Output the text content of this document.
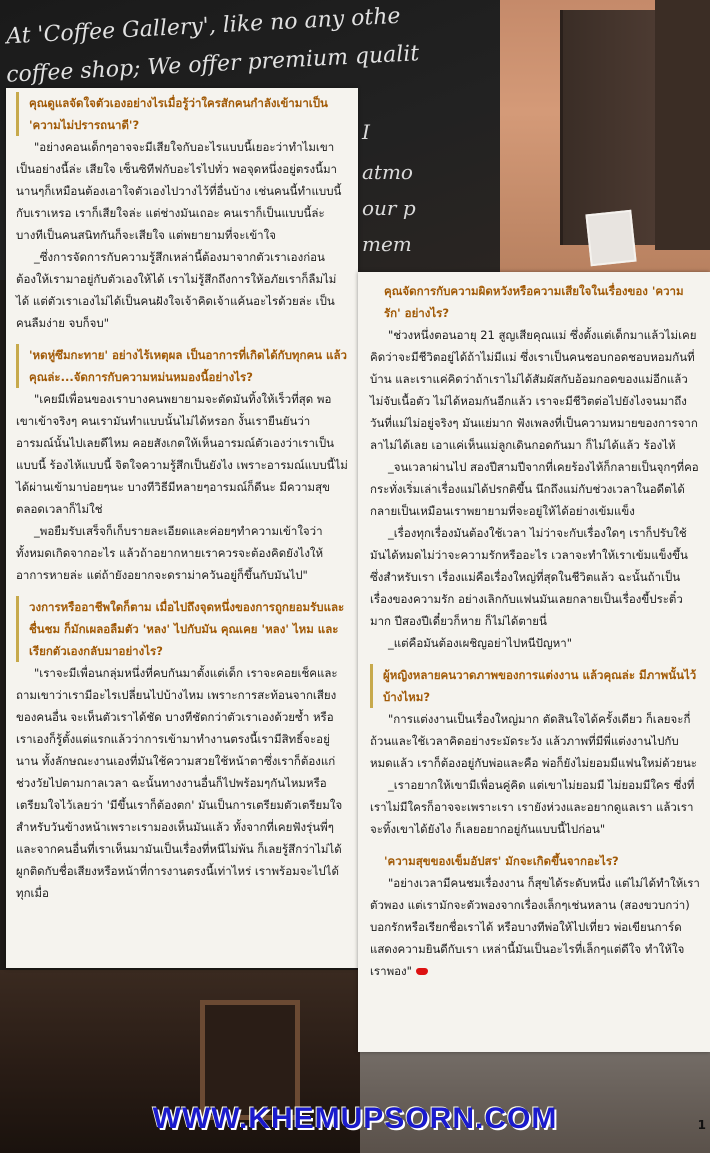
At 'Coffee Gallery', like no any othe
coffee shop; We offer premium qualit
I
atmo
our p
mem

คุณดูแลจัดใจตัวเองอย่างไรเมื่อรู้ว่าใครสักคนกำลังเข้ามาเป็น 'ความไม่ปรารถนาดี'?

"อย่างคอนเด็กๆอาจจะมีเสียใจกับอะไรแบบนี้เยอะว่าทำไมเขาเป็นอย่างนี้ล่ะ เสียใจ เซ็นซิทีฟกับอะไรไปทั่ว พอจุดหนึ่งอยู่ตรงนี้มานานๆก็เหมือนต้องเอาใจตัวเองไปวางไว้ที่อื่นบ้าง เช่นคนนี้ทำแบบนี้กับเราเหรอ เราก็เสียใจล่ะ แต่ช่างมันเถอะ คนเราก็เป็นแบบนี้ล่ะ บางทีเป็นคนสนิทกันก็จะเสียใจ แต่พยายามที่จะเข้าใจ

_ซึ่งการจัดการกับความรู้สึกเหล่านี้ต้องมาจากตัวเราเองก่อน ต้องให้เรามาอยู่กับตัวเองให้ได้ เราไม่รู้สึกถึงการให้อภัยเราก็ลืมไม่ได้ แต่ตัวเราเองไม่ได้เป็นคนฝังใจเจ้าคิดเจ้าแค้นอะไรด้วยล่ะ เป็นคนลืมง่าย จบก็จบ"

'หดหู่ซึมกะทาย' อย่างไร้เหตุผล เป็นอาการที่เกิดได้กับทุกคน แล้วคุณล่ะ...จัดการกับความหม่นหมองนี้อย่างไร?

"เคยมีเพื่อนของเราบางคนพยายามจะตัดมันทิ้งให้เร็วที่สุด พอเขาเข้าจริงๆ คนเรามันทำแบบนั้นไม่ได้หรอก งั้นเรายืนยันว่าอารมณ์นั้นไปเลยดีไหม คอยสังเกตให้เห็นอารมณ์ตัวเองว่าเราเป็นแบบนี้ ร้องไห้แบบนี้ จิตใจความรู้สึกเป็นยังไง เพราะอารมณ์แบบนี้ไม่ได้ผ่านเข้ามาบ่อยๆนะ บางทีวิธีมีหลายๆอารมณ์ก็ดีนะ มีความสุขตลอดเวลาก็ไม่ใช่

_พอยืมรับเสร็จก็เก็บรายละเอียดและค่อยๆทำความเข้าใจว่าทั้งหมดเกิดจากอะไร แล้วถ้าอยากหายเราควรจะต้องคิดยังไงให้อาการหายล่ะ แต่ถ้ายังอยากจะดราม่าควันอยู่ก็ขึ้นกับมันไป"

วงการหรืออาชีพใดก็ตาม เมื่อไปถึงจุดหนึ่งของการถูกยอมรับและชื่นชม ก็มักเผลอลืมตัว 'หลง' ไปกับมัน คุณเคย 'หลง' ไหม และเรียกตัวเองกลับมาอย่างไร?

"เราจะมีเพื่อนกลุ่มหนึ่งที่คบกันมาตั้งแต่เด็ก เราจะคอยเช็คและถามเขาว่าเรามีอะไรเปลี่ยนไปบ้างไหม เพราะการสะท้อนจากเสียงของคนอื่น จะเห็นตัวเราได้ชัด บางทีชัดกว่าตัวเราเองด้วยซ้ำ หรือเราเองก็รู้ตั้งแต่แรกแล้วว่าการเข้ามาทำงานตรงนี้เรามีสิทธิ์จะอยู่นาน ทั้งลักษณะงานเองที่มันใช้ความสวยใช้หน้าตาซึ่งเราก็ต้องแก่ช่วงวัยไปตามกาลเวลา ฉะนั้นทางงานอื่นก็ไปพร้อมๆกันไหมหรือเตรียมใจไว้เลยว่า 'มีขึ้นเราก็ต้องตก' มันเป็นการเตรียมตัวเตรียมใจสำหรับวันข้างหน้าเพราะเรามองเห็นมันแล้ว ทั้งจากที่เคยฟังรุ่นพี่ๆและจากคนอื่นที่เราเห็นมามันเป็นเรื่องที่หนีไม่พ้น ก็เลยรู้สึกว่าไม่ได้ผูกติดกับชื่อเสียงหรือหน้าที่การงานตรงนี้เท่าไหร่ เราพร้อมจะไปได้ทุกเมื่อ

คุณจัดการกับความผิดหวังหรือความเสียใจในเรื่องของ 'ความรัก' อย่างไร?

"ช่วงหนึ่งตอนอายุ 21 สูญเสียคุณแม่ ซึ่งตั้งแต่เด็กมาแล้วไม่เคยคิดว่าจะมีชีวิตอยู่ได้ถ้าไม่มีแม่ ซึ่งเราเป็นคนชอบกอดชอบหอมกันที่บ้าน และเราแค่คิดว่าถ้าเราไม่ได้สัมผัสกับอ้อมกอดของแม่อีกแล้ว ไม่จับเนื้อตัว ไม่ได้หอมกันอีกแล้ว เราจะมีชีวิตต่อไปยังไงจนมาถึงวันที่แม่ไม่อยู่จริงๆ มันแย่มาก ฟังเพลงที่เป็นความหมายของการจากลาไม่ได้เลย เอาแค่เห็นแม่ลูกเดินกอดกันมา ก็ไม่ได้แล้ว ร้องไห้

_จนเวลาผ่านไป สองปีสามปีจากที่เคยร้องไห้ก็กลายเป็นจุกๆที่คอ กระทั่งเริ่มเล่าเรื่องแม่ได้ปรกติขึ้น นึกถึงแม่กับช่วงเวลาในอดีตได้ กลายเป็นเหมือนเราพยายามที่จะอยู่ให้ได้อย่างเข้มแข็ง

_เรื่องทุกเรื่องมันต้องใช้เวลา ไม่ว่าจะกับเรื่องใดๆ เราก็ปรับใช้มันได้หมดไม่ว่าจะความรักหรืออะไร เวลาจะทำให้เราเข้มแข็งขึ้น ซึ่งสำหรับเรา เรื่องแม่คือเรื่องใหญ่ที่สุดในชีวิตแล้ว ฉะนั้นถ้าเป็นเรื่องของความรัก อย่างเลิกกับแฟนมันเลยกลายเป็นเรื่องขี้ประติ๋วมาก ปีสองปีเดี๋ยวก็หาย ก็ไม่ได้ตายนี่

_แต่คือมันต้องเผชิญอย่าไปหนีปัญหา"

ผู้หญิงหลายคนวาดภาพของการแต่งงาน แล้วคุณล่ะ มีภาพนั้นไว้บ้างไหม?

"การแต่งงานเป็นเรื่องใหญ่มาก ตัดสินใจได้ครั้งเดียว ก็เลยจะกี่ถ้วนและใช้เวลาคิดอย่างระมัดระวัง แล้วภาพที่มีพี่แต่งงานไปกับหมดแล้ว เราก็ต้องอยู่กับพ่อและคือ พ่อก็ยังไม่ยอมมีแฟนใหม่ด้วยนะ

_เราอยากให้เขามีเพื่อนคู่คิด แต่เขาไม่ยอมมี ไม่ยอมมีใคร ซึ่งที่เราไม่มีใครก็อาจจะเพราะเรา เรายังห่วงและอยากดูแลเรา แล้วเราจะทิ้งเขาได้ยังไง ก็เลยอยากอยู่กันแบบนี้ไปก่อน"

'ความสุขของเข็มอัปสร' มักจะเกิดขึ้นจากอะไร?

"อย่างเวลามีคนชมเรื่องงาน ก็สุขได้ระดับหนึ่ง แต่ไม่ได้ทำให้เราตัวพอง แต่เรามักจะตัวพองจากเรื่องเล็กๆเช่นหลาน (สองขวบกว่า) บอกรักหรือเรียกชื่อเราได้ หรือบางทีพ่อให้ไปเที่ยว พ่อเขียนการ์ดแสดงความยินดีกับเรา เหล่านี้มันเป็นอะไรที่เล็กๆแต่ดีใจ ทำให้ใจเราพอง"

WWW.KHEMUPSORN.COM	1
